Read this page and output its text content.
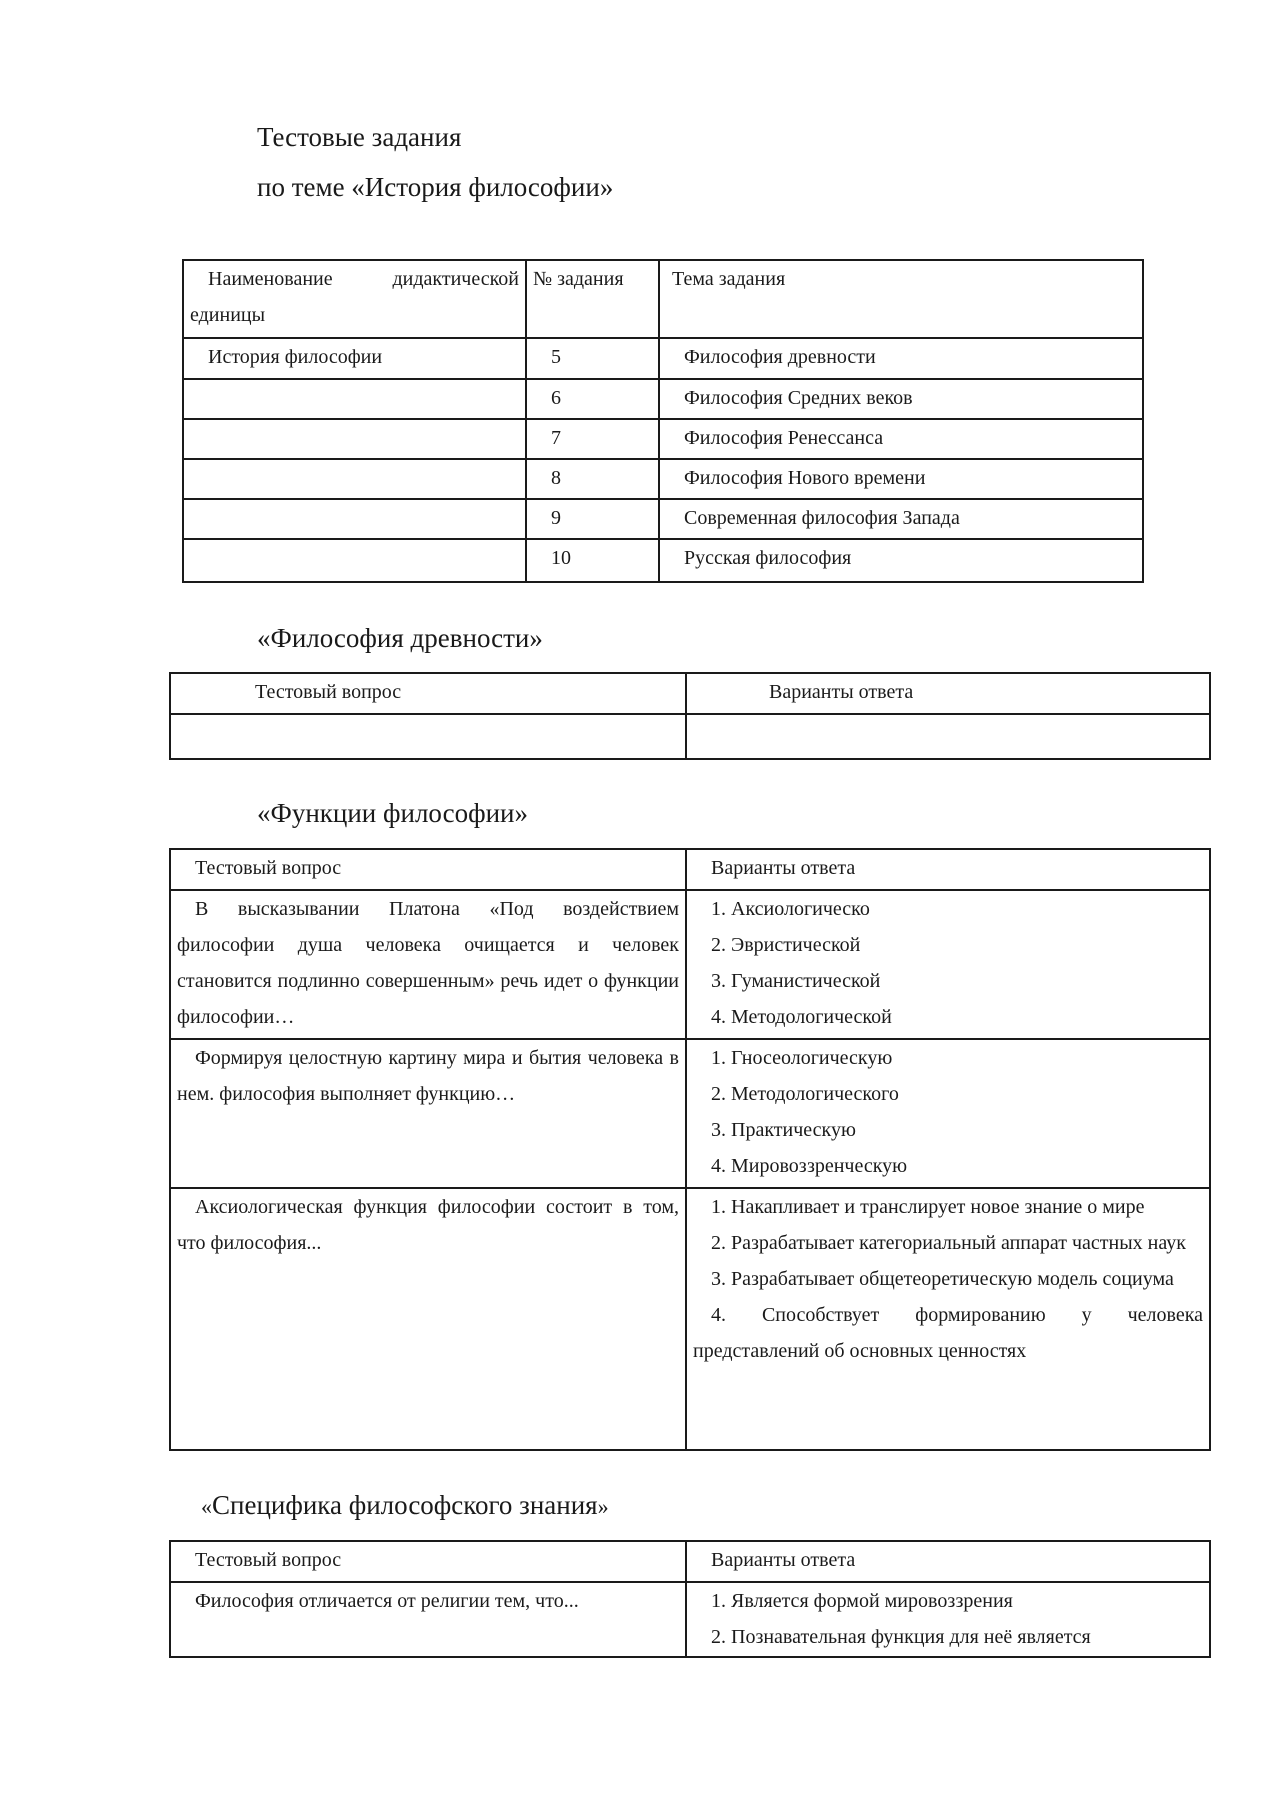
Тестовые задания
по теме «История философии»
Наименование дидактической
единицы	№ задания	Тема задания
История философии	5	Философия древности
	6	Философия Средних веков
	7	Философия Ренессанса
	8	Философия Нового времени
	9	Современная философия Запада
	10	Русская философия
«Философия древности»
Тестовый вопрос	Варианты ответа

«Функции философии»
Тестовый вопрос	Варианты ответа
В высказывании Платона «Под воздействием философии душа человека очищается и человек становится подлинно совершенным» речь идет о функции философии…	1. Аксиологическо
2. Эвристической
3. Гуманистической
4. Методологической

Формируя целостную картину мира и бытия человека в нем. философия выполняет функцию…	1. Гносеологическую
2. Методологического
3. Практическую
4. Мировоззренческую

Аксиологическая функция философии состоит в том, что философия...	1. Накапливает и транслирует новое знание о мире
2. Разрабатывает категориальный аппарат частных наук
3. Разрабатывает общетеоретическую модель социума
4. Способствует формированию у человека представлений об основных ценностях
«Специфика философского знания»
Тестовый вопрос	Варианты ответа
Философия отличается от религии тем, что...	1. Является формой мировоззрения
2. Познавательная функция для неё является
